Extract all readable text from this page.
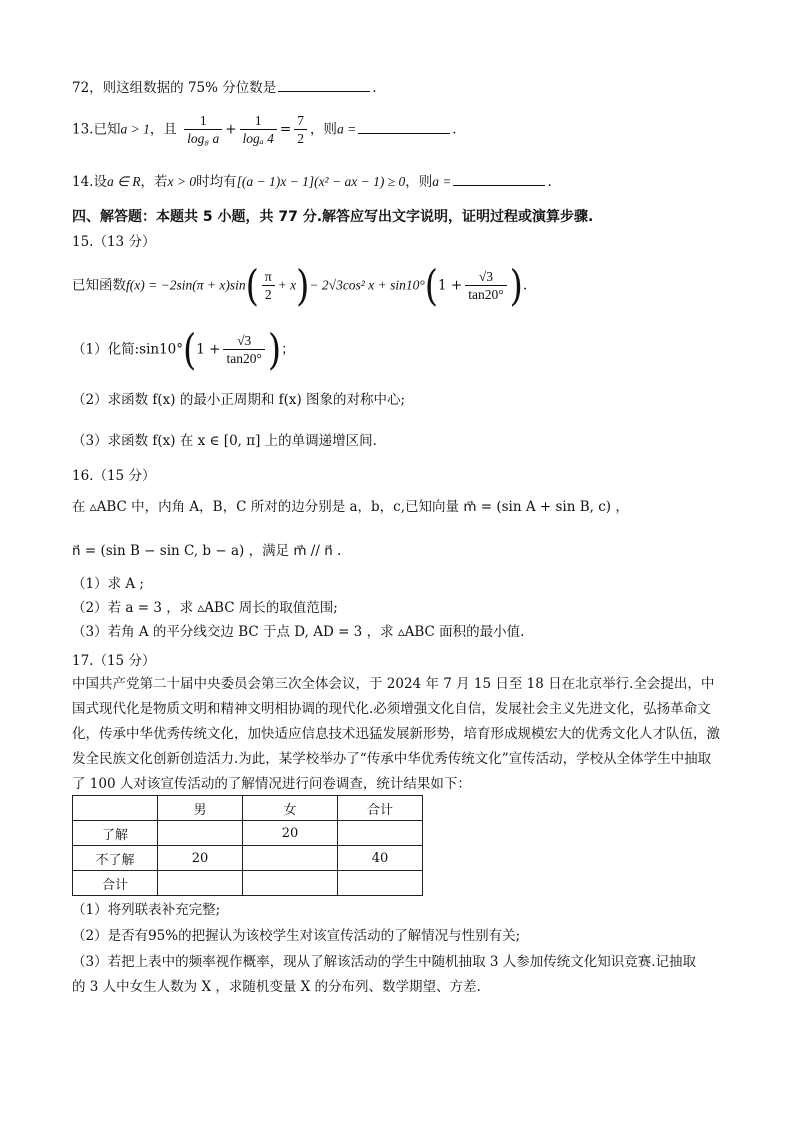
72，则这组数据的 75% 分位数是	.
13.已知a > 1，且 $\frac{1}{\text{log₈ a}} + \frac{1}{\text{logₐ 4}} = \frac{7}{2}$ ，则a =	.
14.设a ∈ R，若x > 0时均有[(a − 1)x − 1](x² − ax − 1) ≥ 0，则a =	.
四、解答题：本题共 5 小题，共 77 分.解答应写出文字说明，证明过程或演算步骤.
15.（13 分）
已知函数$f(x) = -2\sin(\pi + x)\sin( \frac{\pi}{2} + x)- 2√3\cos^2$ $x + \sin 10^\circ(1 + \frac{√3}{\tan 20^\circ}$ ).
（1）化简:sin10°(1 + $\frac{√3}{\tan 20^\circ}$ )；
（2）求函数 f(x) 的最小正周期和 f(x) 图象的对称中心;
（3）求函数 f(x) 在 x ∈ [0, π] 上的单调递增区间.
16.（15 分）
在 ▵ABC 中，内角 A，B，C 所对的边分别是 a，b，c,已知向量 m⃗ = (sin A + sin B, c) ，
n⃗ = (sin B − sin C, b − a) ，满足 m⃗ // n⃗ .
（1）求 A ;
（2）若 a = 3 ，求 ▵ABC 周长的取值范围;
（3）若角 A 的平分线交边 BC 于点 D, AD = 3 ，求 ▵ABC 面积的最小值.
17.（15 分）
中国共产党第二十届中央委员会第三次全体会议，于 2024 年 7 月 15 日至 18 日在北京举行.全会提出，中国式现代化是物质文明和精神文明相协调的现代化.必须增强文化自信，发展社会主义先进文化，弘扬革命文化，传承中华优秀传统文化，加快适应信息技术迅猛发展新形势，培育形成规模宏大的优秀文化人才队伍，激发全民族文化创新创造活力.为此，某学校举办了“传承中华优秀传统文化”宣传活动，学校从全体学生中抽取了 100 人对该宣传活动的了解情况进行问卷调查，统计结果如下：
	男	女	合计
了解		20	
不了解	20		40
合计			
（1）将列联表补充完整;
（2）是否有95%的把握认为该校学生对该宣传活动的了解情况与性别有关;
（3）若把上表中的频率视作概率，现从了解该活动的学生中随机抽取 3 人参加传统文化知识竞赛.记抽取
的 3 人中女生人数为 X ，求随机变量 X 的分布列、数学期望、方差.
